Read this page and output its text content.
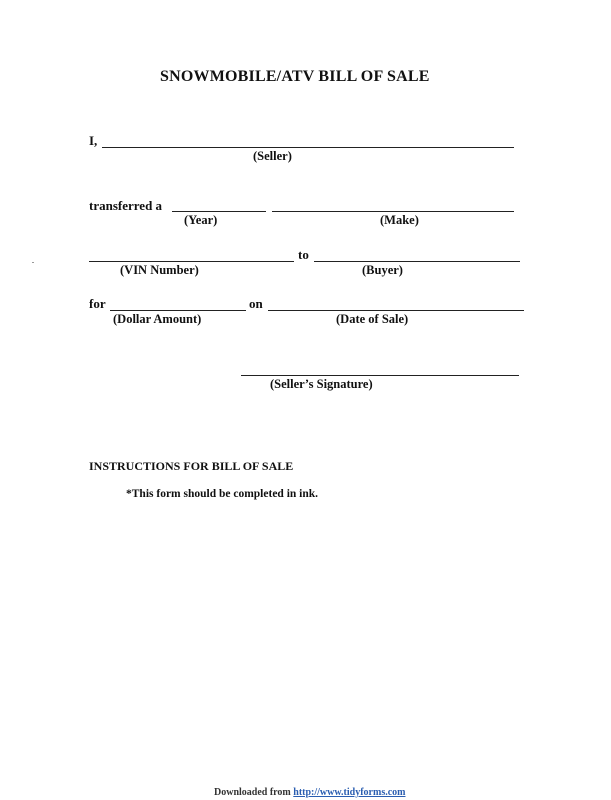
SNOWMOBILE/ATV BILL OF SALE
I,
(Seller)
transferred a
(Year)	(Make)
to
(VIN Number)	(Buyer)
for	on
(Dollar Amount)	(Date of Sale)
(Seller’s Signature)
INSTRUCTIONS FOR BILL OF SALE
*This form should be completed in ink.
Downloaded from http://www.tidyforms.com
